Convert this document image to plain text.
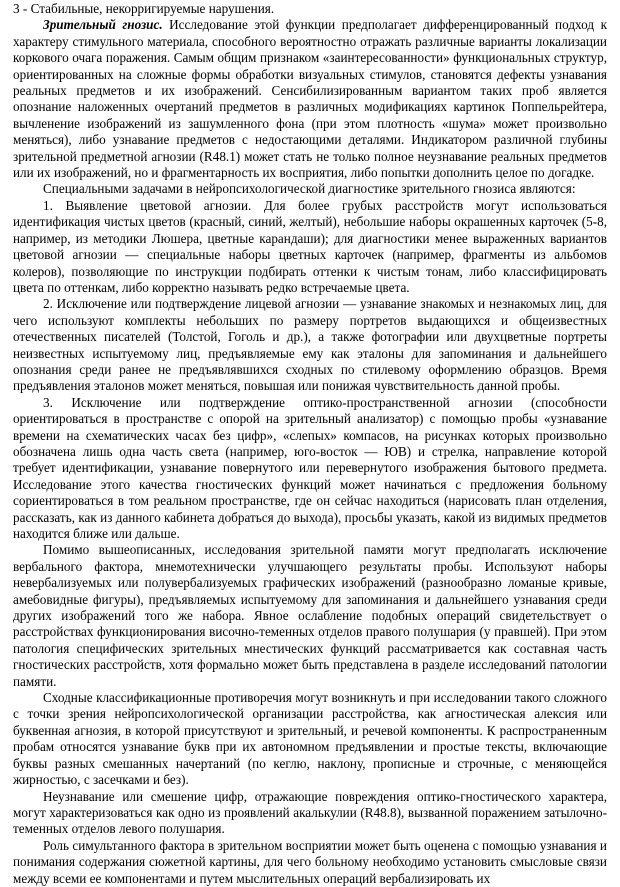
3 - Стабильные, некорригируемые нарушения.

Зрительный гнозис. Исследование этой функции предполагает дифференцированный подход к характеру стимульного материала, способного вероятностно отражать различные варианты локализации коркового очага поражения. Самым общим признаком «заинтересованности» функциональных структур, ориентированных на сложные формы обработки визуальных стимулов, становятся дефекты узнавания реальных предметов и их изображений. Сенсибилизированным вариантом таких проб является опознание наложенных очертаний предметов в различных модификациях картинок Поппельрейтера, вычленение изображений из зашумленного фона (при этом плотность «шума» может произвольно меняться), либо узнавание предметов с недостающими деталями. Индикатором различной глубины зрительной предметной агнозии (R48.1) может стать не только полное неузнавание реальных предметов или их изображений, но и фрагментарность их восприятия, либо попытки дополнить целое по догадке.

Специальными задачами в нейропсихологической диагностике зрительного гнозиса являются:

1. Выявление цветовой агнозии. Для более грубых расстройств могут использоваться идентификация чистых цветов (красный, синий, желтый), небольшие наборы окрашенных карточек (5-8, например, из методики Люшера, цветные карандаши); для диагностики менее выраженных вариантов цветовой агнозии — специальные наборы цветных карточек (например, фрагменты из альбомов колеров), позволяющие по инструкции подбирать оттенки к чистым тонам, либо классифицировать цвета по оттенкам, либо корректно называть редко встречаемые цвета.

2. Исключение или подтверждение лицевой агнозии — узнавание знакомых и незнакомых лиц, для чего используют комплекты небольших по размеру портретов выдающихся и общеизвестных отечественных писателей (Толстой, Гоголь и др.), а также фотографии или двухцветные портреты неизвестных испытуемому лиц, предъявляемые ему как эталоны для запоминания и дальнейшего опознания среди ранее не предъявлявшихся сходных по стилевому оформлению образцов. Время предъявления эталонов может меняться, повышая или понижая чувствительность данной пробы.

3. Исключение или подтверждение оптико-пространственной агнозии (способности ориентироваться в пространстве с опорой на зрительный анализатор) с помощью пробы «узнавание времени на схематических часах без цифр», «слепых» компасов, на рисунках которых произвольно обозначена лишь одна часть света (например, юго-восток — ЮВ) и стрелка, направление которой требует идентификации, узнавание повернутого или перевернутого изображения бытового предмета. Исследование этого качества гностических функций может начинаться с предложения больному сориентироваться в том реальном пространстве, где он сейчас находиться (нарисовать план отделения, рассказать, как из данного кабинета добраться до выхода), просьбы указать, какой из видимых предметов находится ближе или дальше.

Помимо вышеописанных, исследования зрительной памяти могут предполагать исключение вербального фактора, мнемотехнически улучшающего результаты пробы. Используют наборы невербализуемых или полувербализуемых графических изображений (разнообразно ломаные кривые, амебовидные фигуры), предъявляемых испытуемому для запоминания и дальнейшего узнавания среди других изображений того же набора. Явное ослабление подобных операций свидетельствует о расстройствах функционирования височно-теменных отделов правого полушария (у правшей). При этом патология специфических зрительных мнестических функций рассматривается как составная часть гностических расстройств, хотя формально может быть представлена в разделе исследований патологии памяти.

Сходные классификационные противоречия могут возникнуть и при исследовании такого сложного с точки зрения нейропсихологической организации расстройства, как агностическая алексия или буквенная агнозия, в которой присутствуют и зрительный, и речевой компоненты. К распространенным пробам относятся узнавание букв при их автономном предъявлении и простые тексты, включающие буквы разных смешанных начертаний (по кеглю, наклону, прописные и строчные, с меняющейся жирностью, с засечками и без).

Неузнавание или смешение цифр, отражающие повреждения оптико-гностического характера, могут характеризоваться как одно из проявлений акалькулии (R48.8), вызванной поражением затылочно-теменных отделов левого полушария.

Роль симультанного фактора в зрительном восприятии может быть оценена с помощью узнавания и понимания содержания сюжетной картины, для чего больному необходимо установить смысловые связи между всеми ее компонентами и путем мыслительных операций вербализировать их
